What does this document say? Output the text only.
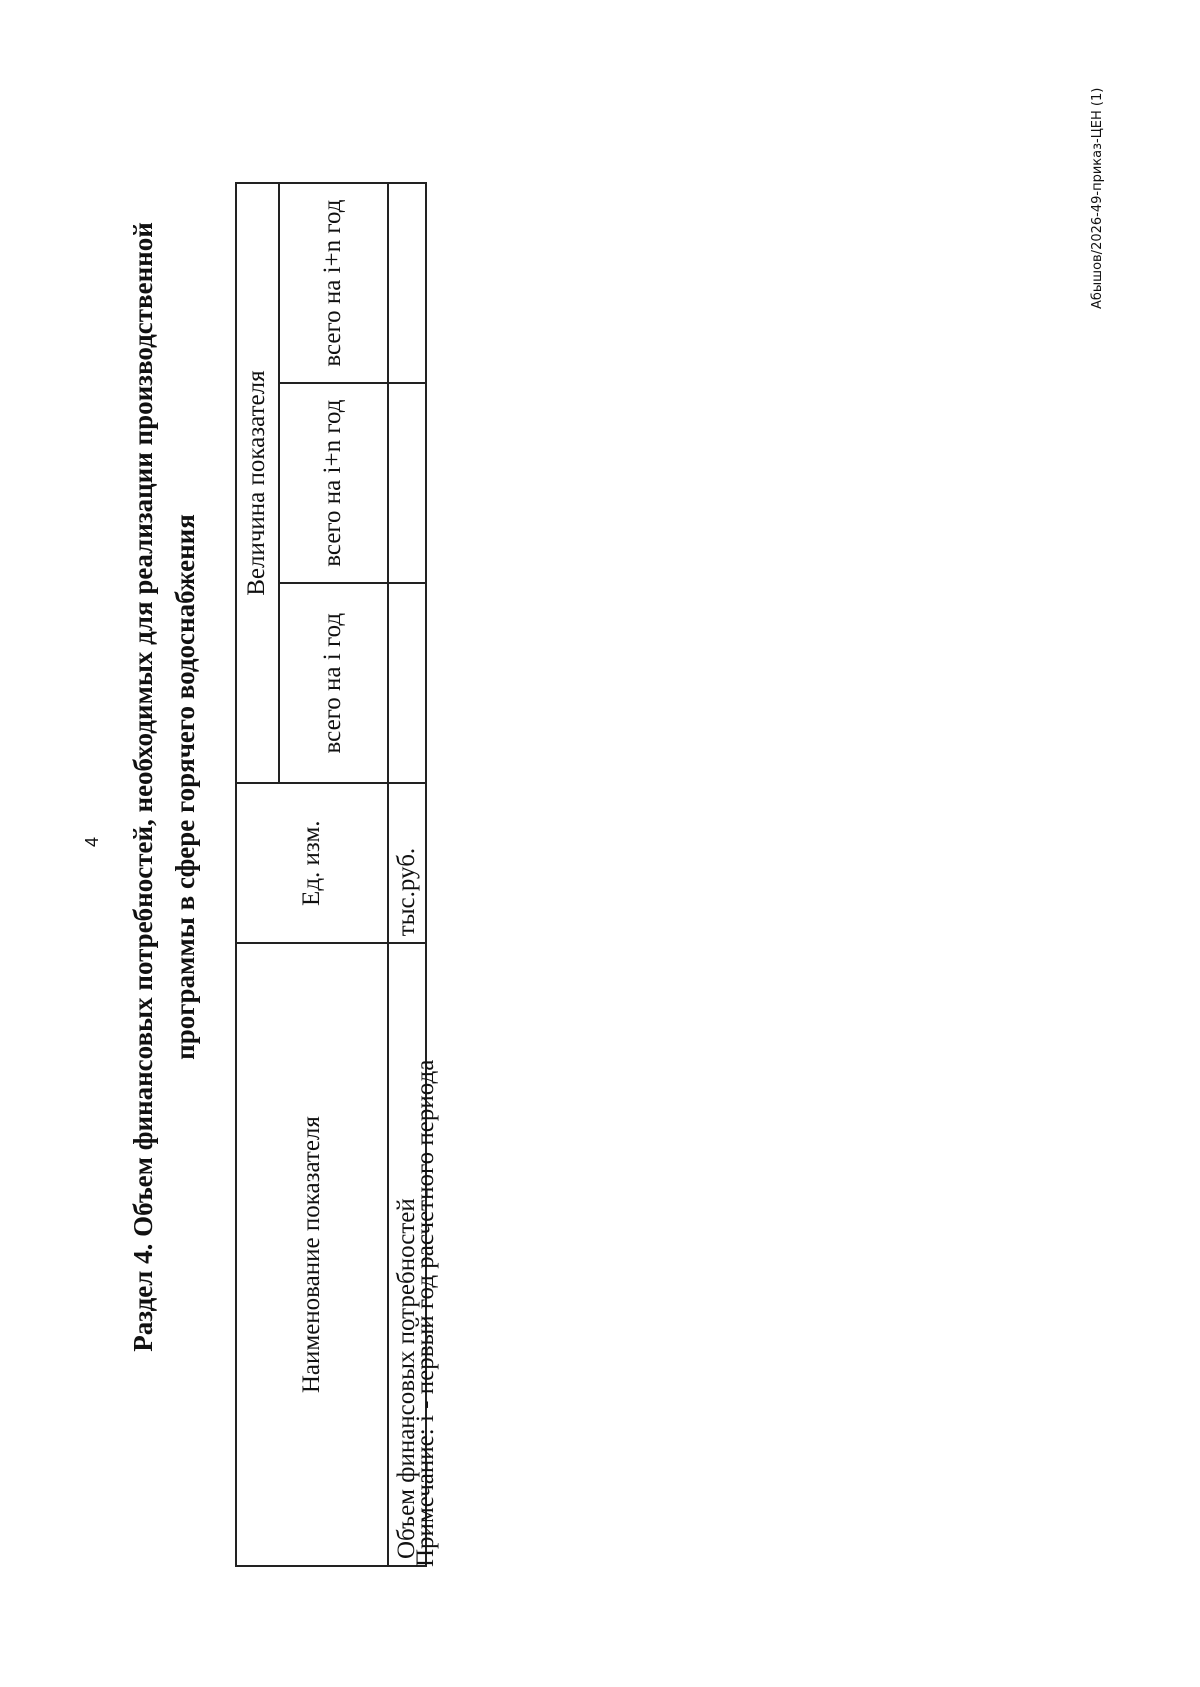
4 Раздел 4. Объем финансовых потребностей, необходимых для реализации производственной программы в сфере горячего водоснабжения
Наименование показателя	Ед. изм.	Величина показателя		
		всего на i год	всего на i+n год	всего на i+n год
Объем финансовых потребностей	тыс.руб.			
Примечание: i - первый год расчетного периода
Абышов/2026-49-приказ-ЦЕН (1)
